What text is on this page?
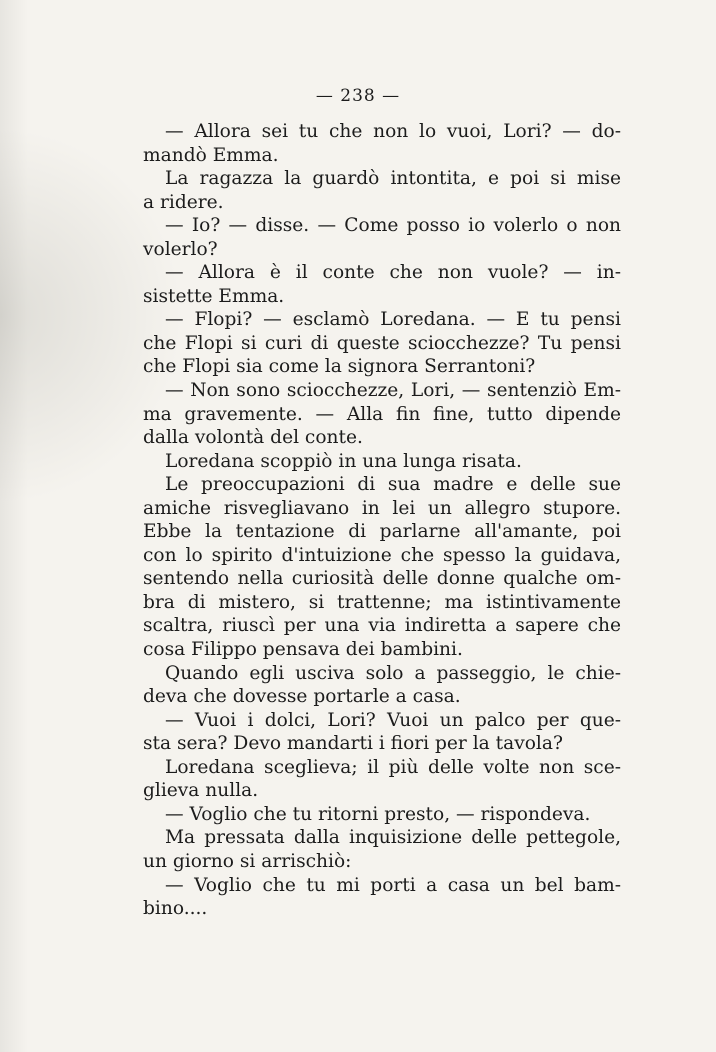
— 238 —
— Allora sei tu che non lo vuoi, Lori? — do-
mandò Emma.
La ragazza la guardò intontita, e poi si mise
a ridere.
— Io? — disse. — Come posso io volerlo o non
volerlo?
— Allora è il conte che non vuole? — in-
sistette Emma.
— Flopi? — esclamò Loredana. — E tu pensi
che Flopi si curi di queste sciocchezze? Tu pensi
che Flopi sia come la signora Serrantoni?
— Non sono sciocchezze, Lori, — sentenziò Em-
ma gravemente. — Alla fin fine, tutto dipende
dalla volontà del conte.
Loredana scoppiò in una lunga risata.
Le preoccupazioni di sua madre e delle sue
amiche risvegliavano in lei un allegro stupore.
Ebbe la tentazione di parlarne all'amante, poi
con lo spirito d'intuizione che spesso la guidava,
sentendo nella curiosità delle donne qualche om-
bra di mistero, si trattenne; ma istintivamente
scaltra, riuscì per una via indiretta a sapere che
cosa Filippo pensava dei bambini.
Quando egli usciva solo a passeggio, le chie-
deva che dovesse portarle a casa.
— Vuoi i dolci, Lori? Vuoi un palco per que-
sta sera? Devo mandarti i fiori per la tavola?
Loredana sceglieva; il più delle volte non sce-
glieva nulla.
— Voglio che tu ritorni presto, — rispondeva.
Ma pressata dalla inquisizione delle pettegole,
un giorno si arrischiò:
— Voglio che tu mi porti a casa un bel bam-
bino....
